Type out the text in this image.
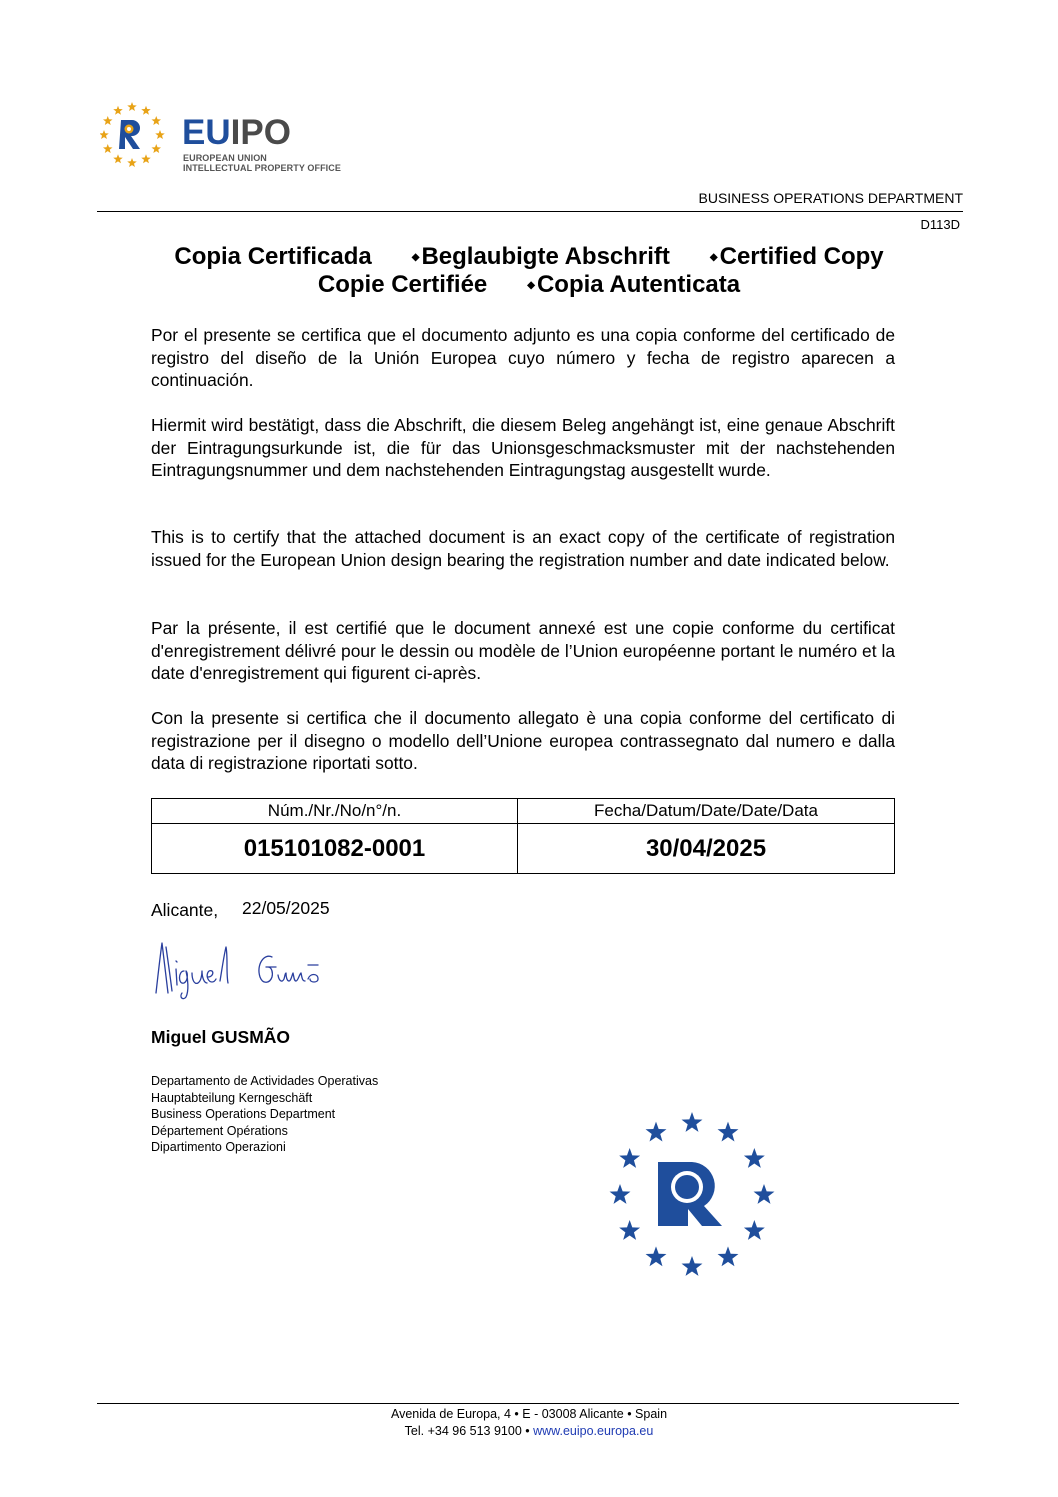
EUIPO
EUROPEAN UNION
INTELLECTUAL PROPERTY OFFICE
BUSINESS OPERATIONS DEPARTMENT
D113D
Copia Certificada	◆Beglaubigte Abschrift	◆Certified Copy
Copie Certifiée	◆Copia Autenticata
Por el presente se certifica que el documento adjunto es una copia conforme del certificado de registro del diseño de la Unión Europea cuyo número y fecha de registro aparecen a continuación.
Hiermit wird bestätigt, dass die Abschrift, die diesem Beleg angehängt ist, eine genaue Abschrift der Eintragungsurkunde ist, die für das Unionsgeschmacksmuster mit der nachstehenden Eintragungsnummer und dem nachstehenden Eintragungstag ausgestellt wurde.
This is to certify that the attached document is an exact copy of the certificate of registration issued for the European Union design bearing the registration number and date indicated below.
Par la présente, il est certifié que le document annexé est une copie conforme du certificat d'enregistrement délivré pour le dessin ou modèle de l’Union européenne portant le numéro et la date d'enregistrement qui figurent ci-après.
Con la presente si certifica che il documento allegato è una copia conforme del certificato di registrazione per il disegno o modello dell’Unione europea contrassegnato dal numero e dalla data di registrazione riportati sotto.
Núm./Nr./No/n°/n.	Fecha/Datum/Date/Date/Data
015101082-0001	30/04/2025
Alicante, 22/05/2025
Miguel GUSMÃO
Departamento de Actividades Operativas
Hauptabteilung Kerngeschäft
Business Operations Department
Département Opérations
Dipartimento Operazioni
Avenida de Europa, 4 • E - 03008 Alicante • Spain
Tel. +34 96 513 9100 • www.euipo.europa.eu
